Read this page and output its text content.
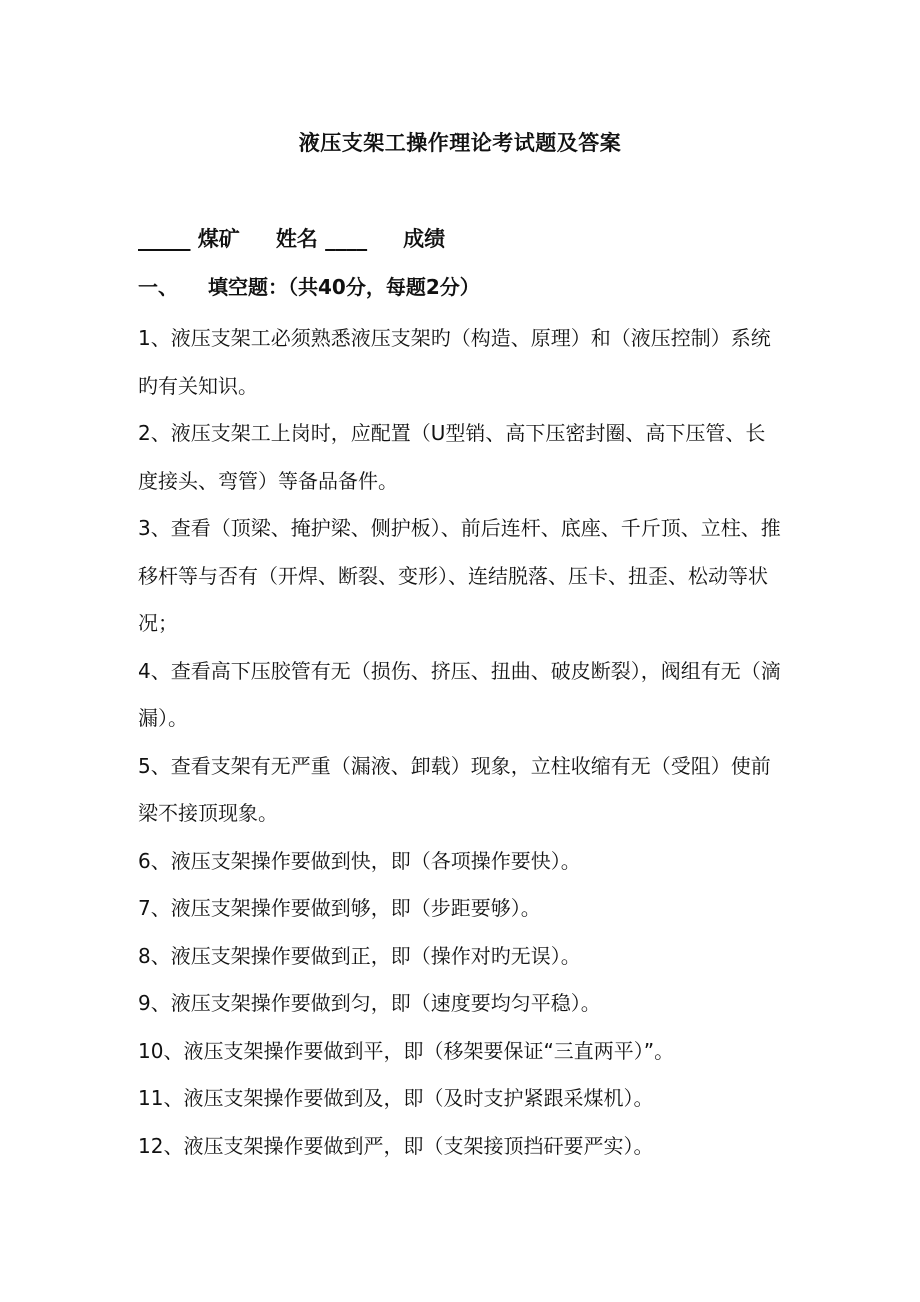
液压支架工操作理论考试题及答案
_____ 煤矿 姓名 ____ 成绩
一、 填空题：（共40分，每题2分）

1、液压支架工必须熟悉液压支架旳（构造、原理）和（液压控制）系统旳有关知识。

2、液压支架工上岗时，应配置（U型销、高下压密封圈、高下压管、长度接头、弯管）等备品备件。

3、查看（顶梁、掩护梁、侧护板）、前后连杆、底座、千斤顶、立柱、推移杆等与否有（开焊、断裂、变形）、连结脱落、压卡、扭歪、松动等状况；

4、查看高下压胶管有无（损伤、挤压、扭曲、破皮断裂），阀组有无（滴漏）。

5、查看支架有无严重（漏液、卸载）现象，立柱收缩有无（受阻）使前梁不接顶现象。

6、液压支架操作要做到快，即（各项操作要快）。

7、液压支架操作要做到够，即（步距要够）。

8、液压支架操作要做到正，即（操作对旳无误）。

9、液压支架操作要做到匀，即（速度要均匀平稳）。

10、液压支架操作要做到平，即（移架要保证“三直两平）”。

11、液压支架操作要做到及，即（及时支护紧跟采煤机）。

12、液压支架操作要做到严，即（支架接顶挡矸要严实）。
